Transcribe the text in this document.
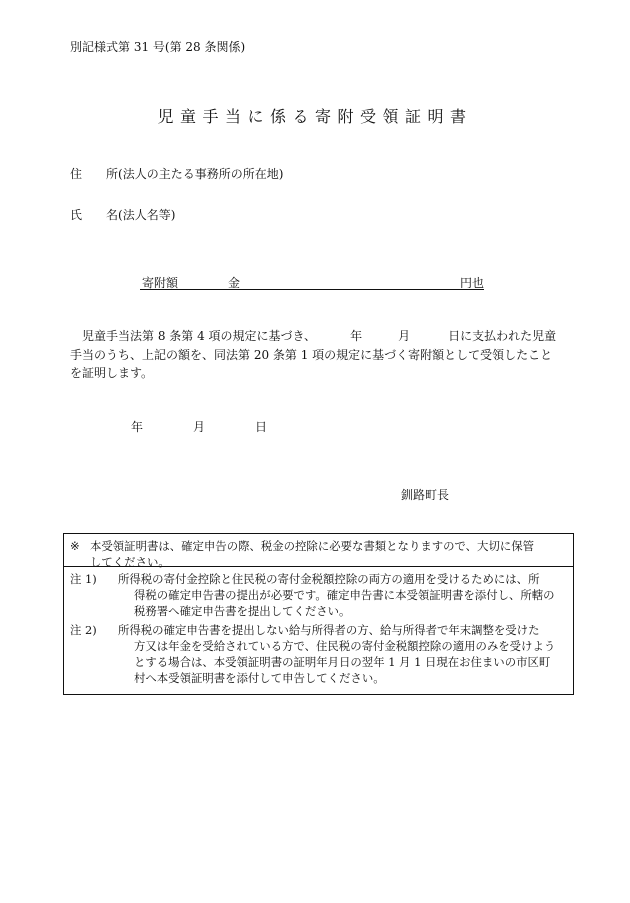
別記様式第 31 号(第 28 条関係)
児童手当に係る寄附受領証明書
住 所(法人の主たる事務所の所在地)
氏 名(法人名等)
寄附額	金	円也

児童手当法第 8 条第 4 項の規定に基づき、	年	月	日に支払われた児童

手当のうち、上記の額を、同法第 20 条第 1 項の規定に基づく寄附額として受領したこと

を証明します。

年	月	日
釧路町長
※ 本受領証明書は、確定申告の際、税金の控除に必要な書類となりますので、大切に保管
してください。
注 1)	所得税の寄付金控除と住民税の寄付金税額控除の両方の適用を受けるためには、所
得税の確定申告書の提出が必要です。確定申告書に本受領証明書を添付し、所轄の
税務署へ確定申告書を提出してください。
注 2)	所得税の確定申告書を提出しない給与所得者の方、給与所得者で年末調整を受けた
方又は年金を受給されている方で、住民税の寄付金税額控除の適用のみを受けよう
とする場合は、本受領証明書の証明年月日の翌年 1 月 1 日現在お住まいの市区町
村へ本受領証明書を添付して申告してください。
